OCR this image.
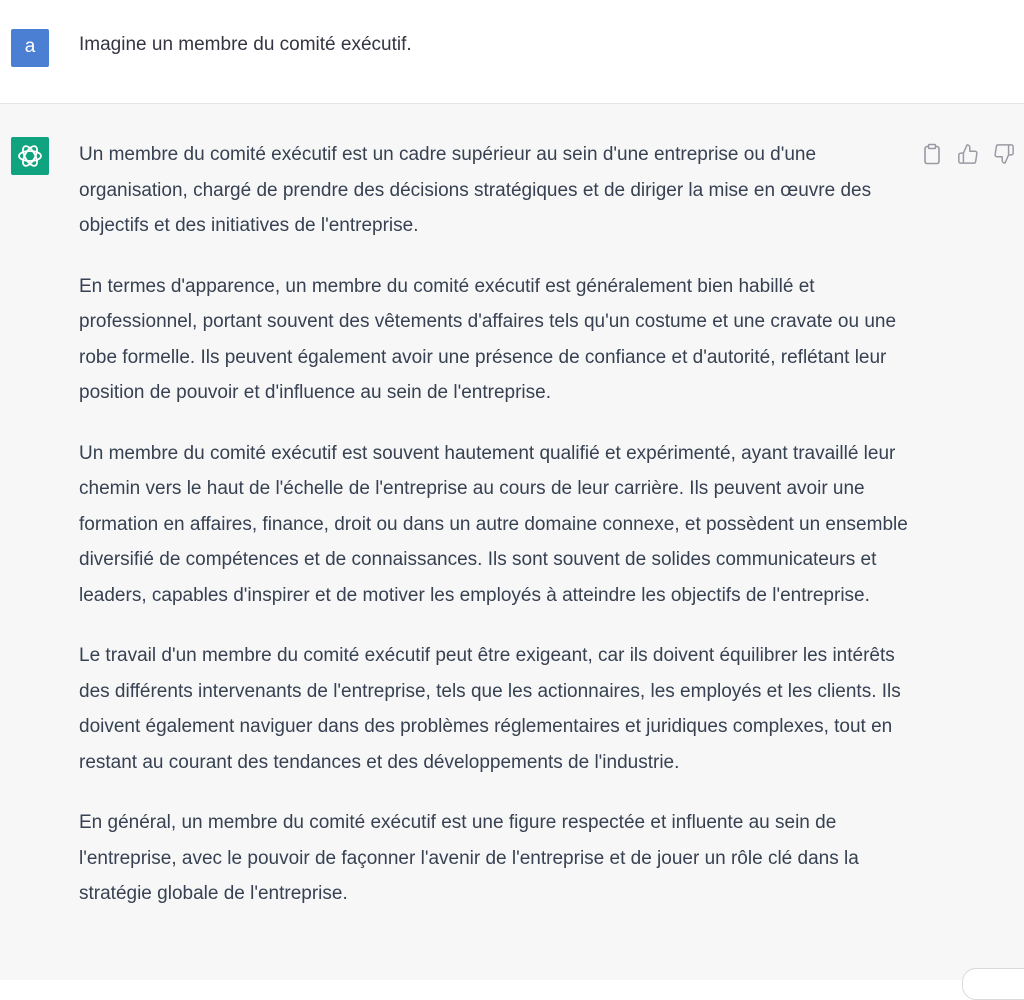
a	Imagine un membre du comité exécutif.

Un membre du comité exécutif est un cadre supérieur au sein d'une entreprise ou d'une organisation, chargé de prendre des décisions stratégiques et de diriger la mise en œuvre des objectifs et des initiatives de l'entreprise.

En termes d'apparence, un membre du comité exécutif est généralement bien habillé et professionnel, portant souvent des vêtements d'affaires tels qu'un costume et une cravate ou une robe formelle. Ils peuvent également avoir une présence de confiance et d'autorité, reflétant leur position de pouvoir et d'influence au sein de l'entreprise.

Un membre du comité exécutif est souvent hautement qualifié et expérimenté, ayant travaillé leur chemin vers le haut de l'échelle de l'entreprise au cours de leur carrière. Ils peuvent avoir une formation en affaires, finance, droit ou dans un autre domaine connexe, et possèdent un ensemble diversifié de compétences et de connaissances. Ils sont souvent de solides communicateurs et leaders, capables d'inspirer et de motiver les employés à atteindre les objectifs de l'entreprise.

Le travail d'un membre du comité exécutif peut être exigeant, car ils doivent équilibrer les intérêts des différents intervenants de l'entreprise, tels que les actionnaires, les employés et les clients. Ils doivent également naviguer dans des problèmes réglementaires et juridiques complexes, tout en restant au courant des tendances et des développements de l'industrie.

En général, un membre du comité exécutif est une figure respectée et influente au sein de l'entreprise, avec le pouvoir de façonner l'avenir de l'entreprise et de jouer un rôle clé dans la stratégie globale de l'entreprise.
